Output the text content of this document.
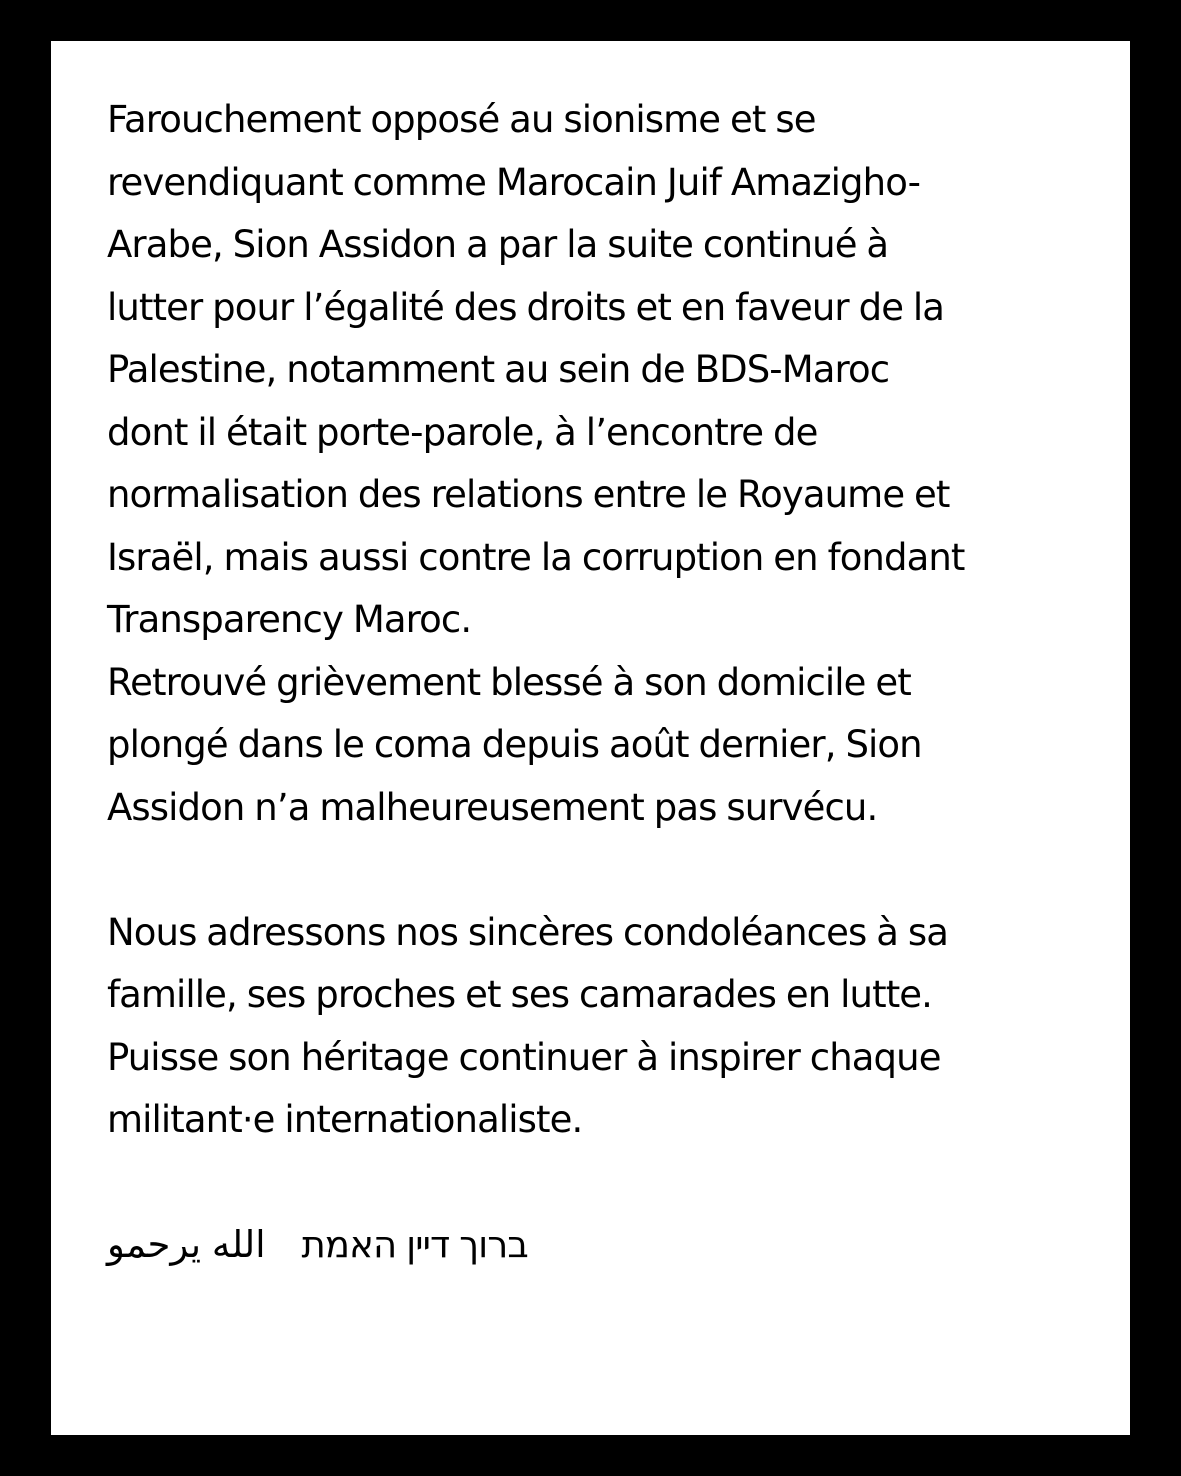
Farouchement opposé au sionisme et se
revendiquant comme Marocain Juif Amazigho-
Arabe, Sion Assidon a par la suite continué à
lutter pour l’égalité des droits et en faveur de la
Palestine, notamment au sein de BDS-Maroc
dont il était porte-parole, à l’encontre de
normalisation des relations entre le Royaume et
Israël, mais aussi contre la corruption en fondant
Transparency Maroc.
Retrouvé grièvement blessé à son domicile et
plongé dans le coma depuis août dernier, Sion
Assidon n’a malheureusement pas survécu.
Nous adressons nos sincères condoléances à sa
famille, ses proches et ses camarades en lutte.
Puisse son héritage continuer à inspirer chaque
militant·e internationaliste.
الله يرحمو ברוך דיין האמת
